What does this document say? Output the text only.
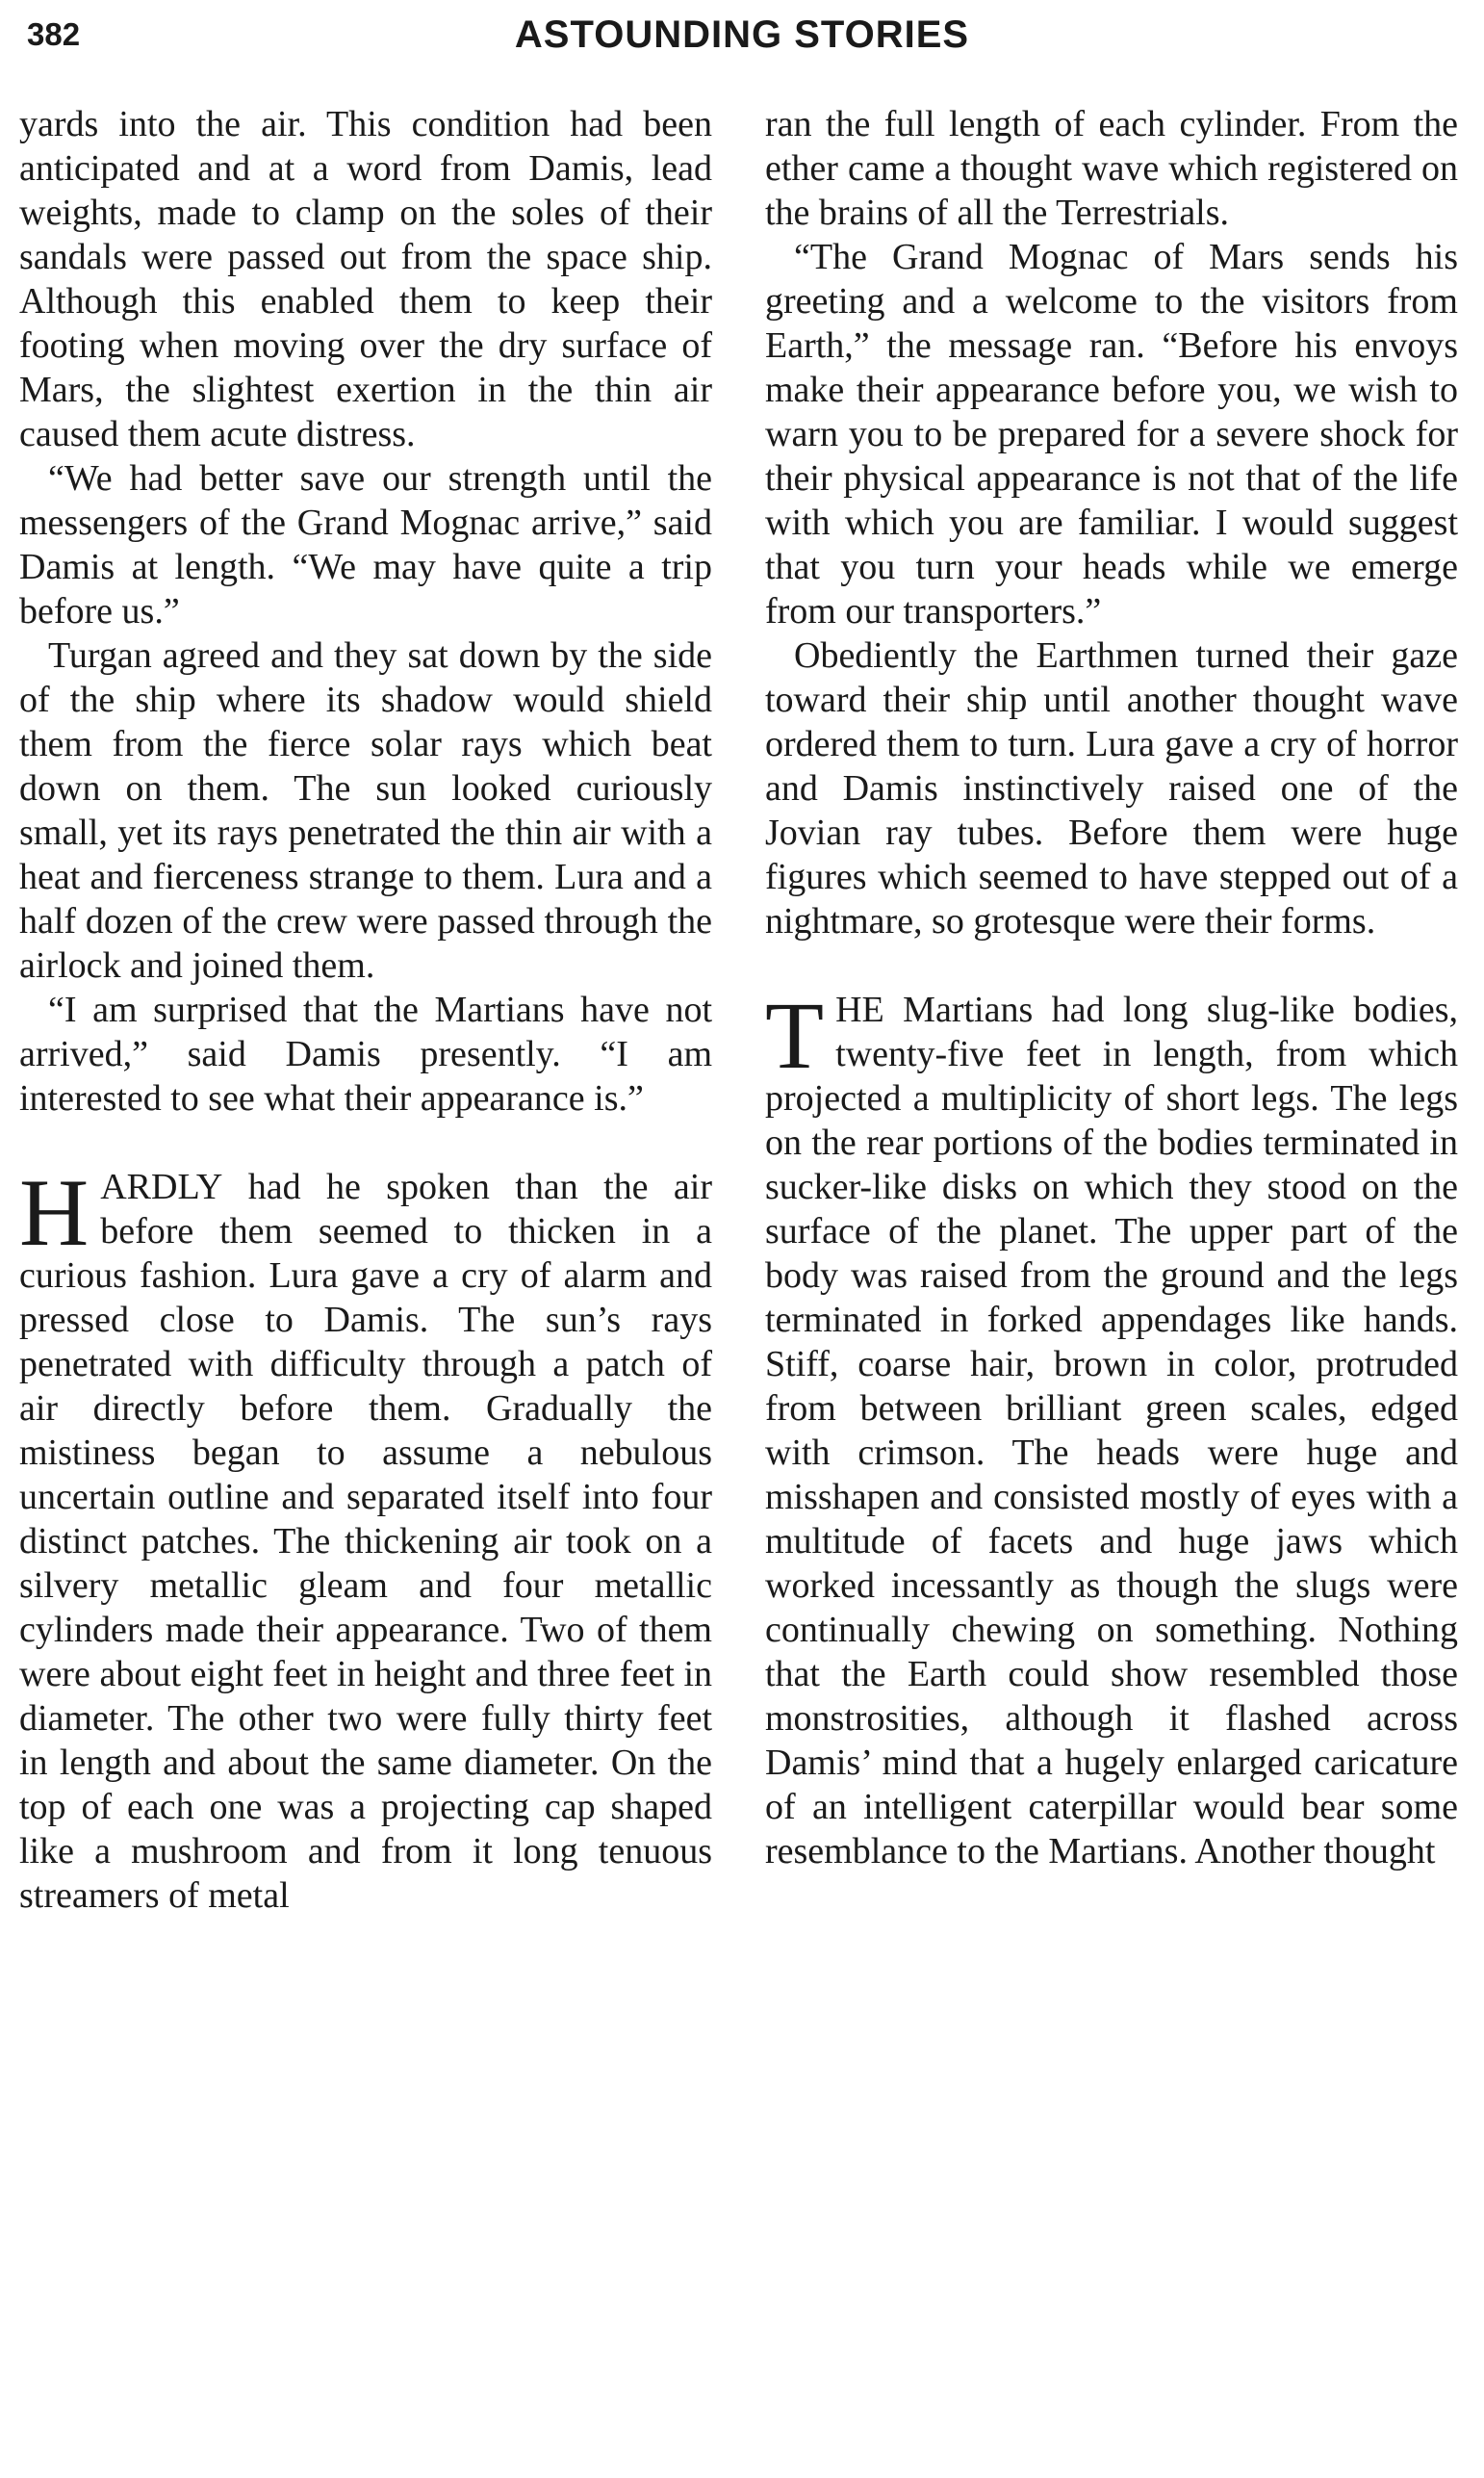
382	ASTOUNDING STORIES

yards into the air. This condition had been anticipated and at a word from Damis, lead weights, made to clamp on the soles of their sandals were passed out from the space ship. Although this enabled them to keep their footing when moving over the dry surface of Mars, the slightest exertion in the thin air caused them acute distress.

“We had better save our strength until the messengers of the Grand Mognac arrive,” said Damis at length. “We may have quite a trip before us.”

Turgan agreed and they sat down by the side of the ship where its shadow would shield them from the fierce solar rays which beat down on them. The sun looked curiously small, yet its rays penetrated the thin air with a heat and fierceness strange to them. Lura and a half dozen of the crew were passed through the airlock and joined them.

“I am surprised that the Martians have not arrived,” said Damis presently. “I am interested to see what their appearance is.”

HARDLY had he spoken than the air before them seemed to thicken in a curious fashion. Lura gave a cry of alarm and pressed close to Damis. The sun’s rays penetrated with difficulty through a patch of air directly before them. Gradually the mistiness began to assume a nebulous uncertain outline and separated itself into four distinct patches. The thickening air took on a silvery metallic gleam and four metallic cylinders made their appearance. Two of them were about eight feet in height and three feet in diameter. The other two were fully thirty feet in length and about the same diameter. On the top of each one was a projecting cap shaped like a mushroom and from it long tenuous streamers of metal

ran the full length of each cylinder. From the ether came a thought wave which registered on the brains of all the Terrestrials.

“The Grand Mognac of Mars sends his greeting and a welcome to the visitors from Earth,” the message ran. “Before his envoys make their appearance before you, we wish to warn you to be prepared for a severe shock for their physical appearance is not that of the life with which you are familiar. I would suggest that you turn your heads while we emerge from our transporters.”

Obediently the Earthmen turned their gaze toward their ship until another thought wave ordered them to turn. Lura gave a cry of horror and Damis instinctively raised one of the Jovian ray tubes. Before them were huge figures which seemed to have stepped out of a nightmare, so grotesque were their forms.

THE Martians had long slug-like bodies, twenty-five feet in length, from which projected a multiplicity of short legs. The legs on the rear portions of the bodies terminated in sucker-like disks on which they stood on the surface of the planet. The upper part of the body was raised from the ground and the legs terminated in forked appendages like hands. Stiff, coarse hair, brown in color, protruded from between brilliant green scales, edged with crimson. The heads were huge and misshapen and consisted mostly of eyes with a multitude of facets and huge jaws which worked incessantly as though the slugs were continually chewing on something. Nothing that the Earth could show resembled those monstrosities, although it flashed across Damis’ mind that a hugely enlarged caricature of an intelligent caterpillar would bear some resemblance to the Martians. Another thought
